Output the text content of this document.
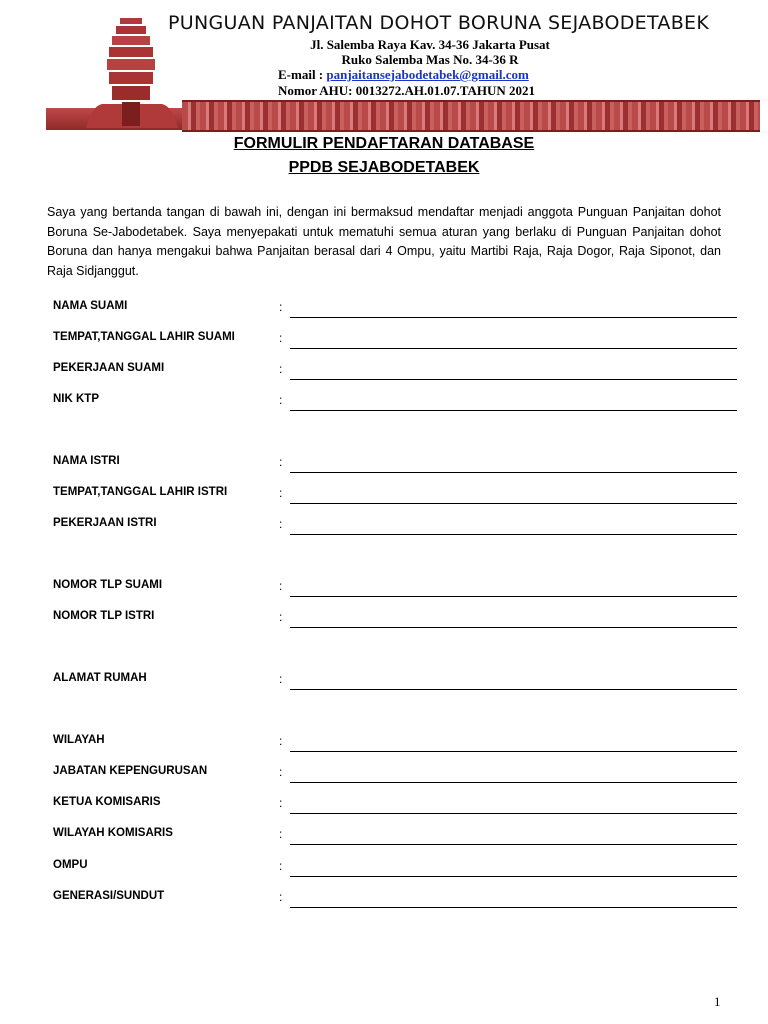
PUNGUAN PANJAITAN DOHOT BORUNA SEJABODETABEK
Jl. Salemba Raya Kav. 34-36 Jakarta Pusat
Ruko Salemba Mas No. 34-36 R
E-mail : panjaitansejabodetabek@gmail.com
Nomor AHU: 0013272.AH.01.07.TAHUN 2021
FORMULIR PENDAFTARAN DATABASE
PPDB SEJABODETABEK
Saya yang bertanda tangan di bawah ini, dengan ini bermaksud mendaftar menjadi anggota Punguan Panjaitan dohot Boruna Se-Jabodetabek. Saya menyepakati untuk mematuhi semua aturan yang berlaku di Punguan Panjaitan dohot Boruna dan hanya mengakui bahwa Panjaitan berasal dari 4 Ompu, yaitu Martibi Raja, Raja Dogor, Raja Siponot, dan Raja Sidjanggut.
NAMA SUAMI	:
TEMPAT,TANGGAL LAHIR SUAMI	:
PEKERJAAN SUAMI	:
NIK KTP	:
NAMA ISTRI	:
TEMPAT,TANGGAL LAHIR ISTRI	:
PEKERJAAN ISTRI	:
NOMOR TLP SUAMI	:
NOMOR TLP ISTRI	:
ALAMAT RUMAH	:
WILAYAH	:
JABATAN KEPENGURUSAN	:
KETUA KOMISARIS	:
WILAYAH KOMISARIS	:
OMPU	:
GENERASI/SUNDUT	:
1
